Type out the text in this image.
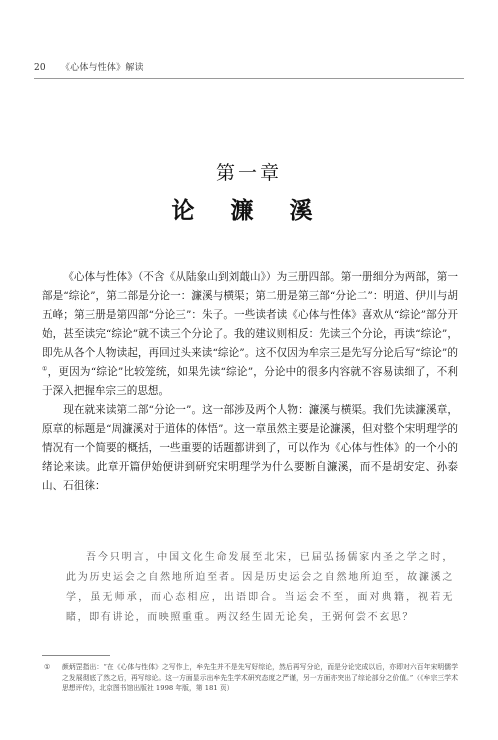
20 《心体与性体》解读
第一章
论 濂 溪

《心体与性体》（不含《从陆象山到刘蕺山》）为三册四部。第一册细分为两部，第一部是“综论”，第二部是分论一：濂溪与横渠；第二册是第三部“分论二”：明道、伊川与胡五峰；第三册是第四部“分论三”：朱子。一些读者读《心体与性体》喜欢从“综论”部分开始，甚至读完“综论”就不读三个分论了。我的建议则相反：先读三个分论，再读“综论”，即先从各个人物读起，再回过头来读“综论”。这不仅因为牟宗三是先写分论后写“综论”的①，更因为“综论”比较笼统，如果先读“综论”，分论中的很多内容就不容易读细了，不利于深入把握牟宗三的思想。

现在就来读第二部“分论一”。这一部涉及两个人物：濂溪与横渠。我们先读濂溪章，原章的标题是“周濂溪对于道体的体悟”。这一章虽然主要是论濂溪，但对整个宋明理学的情况有一个简要的概括，一些重要的话题都讲到了，可以作为《心体与性体》的一个小的绪论来读。此章开篇伊始便讲到研究宋明理学为什么要断自濂溪，而不是胡安定、孙泰山、石徂徕：

吾今只明言，中国文化生命发展至北宋，已届弘扬儒家内圣之学之时，此为历史运会之自然地所迫至者。因是历史运会之自然地所迫至，故濂溪之学，虽无师承，而心态相应，出语即合。当运会不至，面对典籍，视若无睹，即有讲论，而映照重重。两汉经生固无论矣，王弼何尝不玄思？

① 颜炳罡指出：“在《心体与性体》之写作上，牟先生并不是先写好综论，然后再写分论，而是分论完成以后，亦即对六百年宋明儒学之发展彻底了然之后，再写综论。这一方面显示出牟先生学术研究态度之严谨，另一方面亦突出了综论部分之价值。”（《牟宗三学术思想评传》，北京图书馆出版社 1998 年版，第 181 页）
